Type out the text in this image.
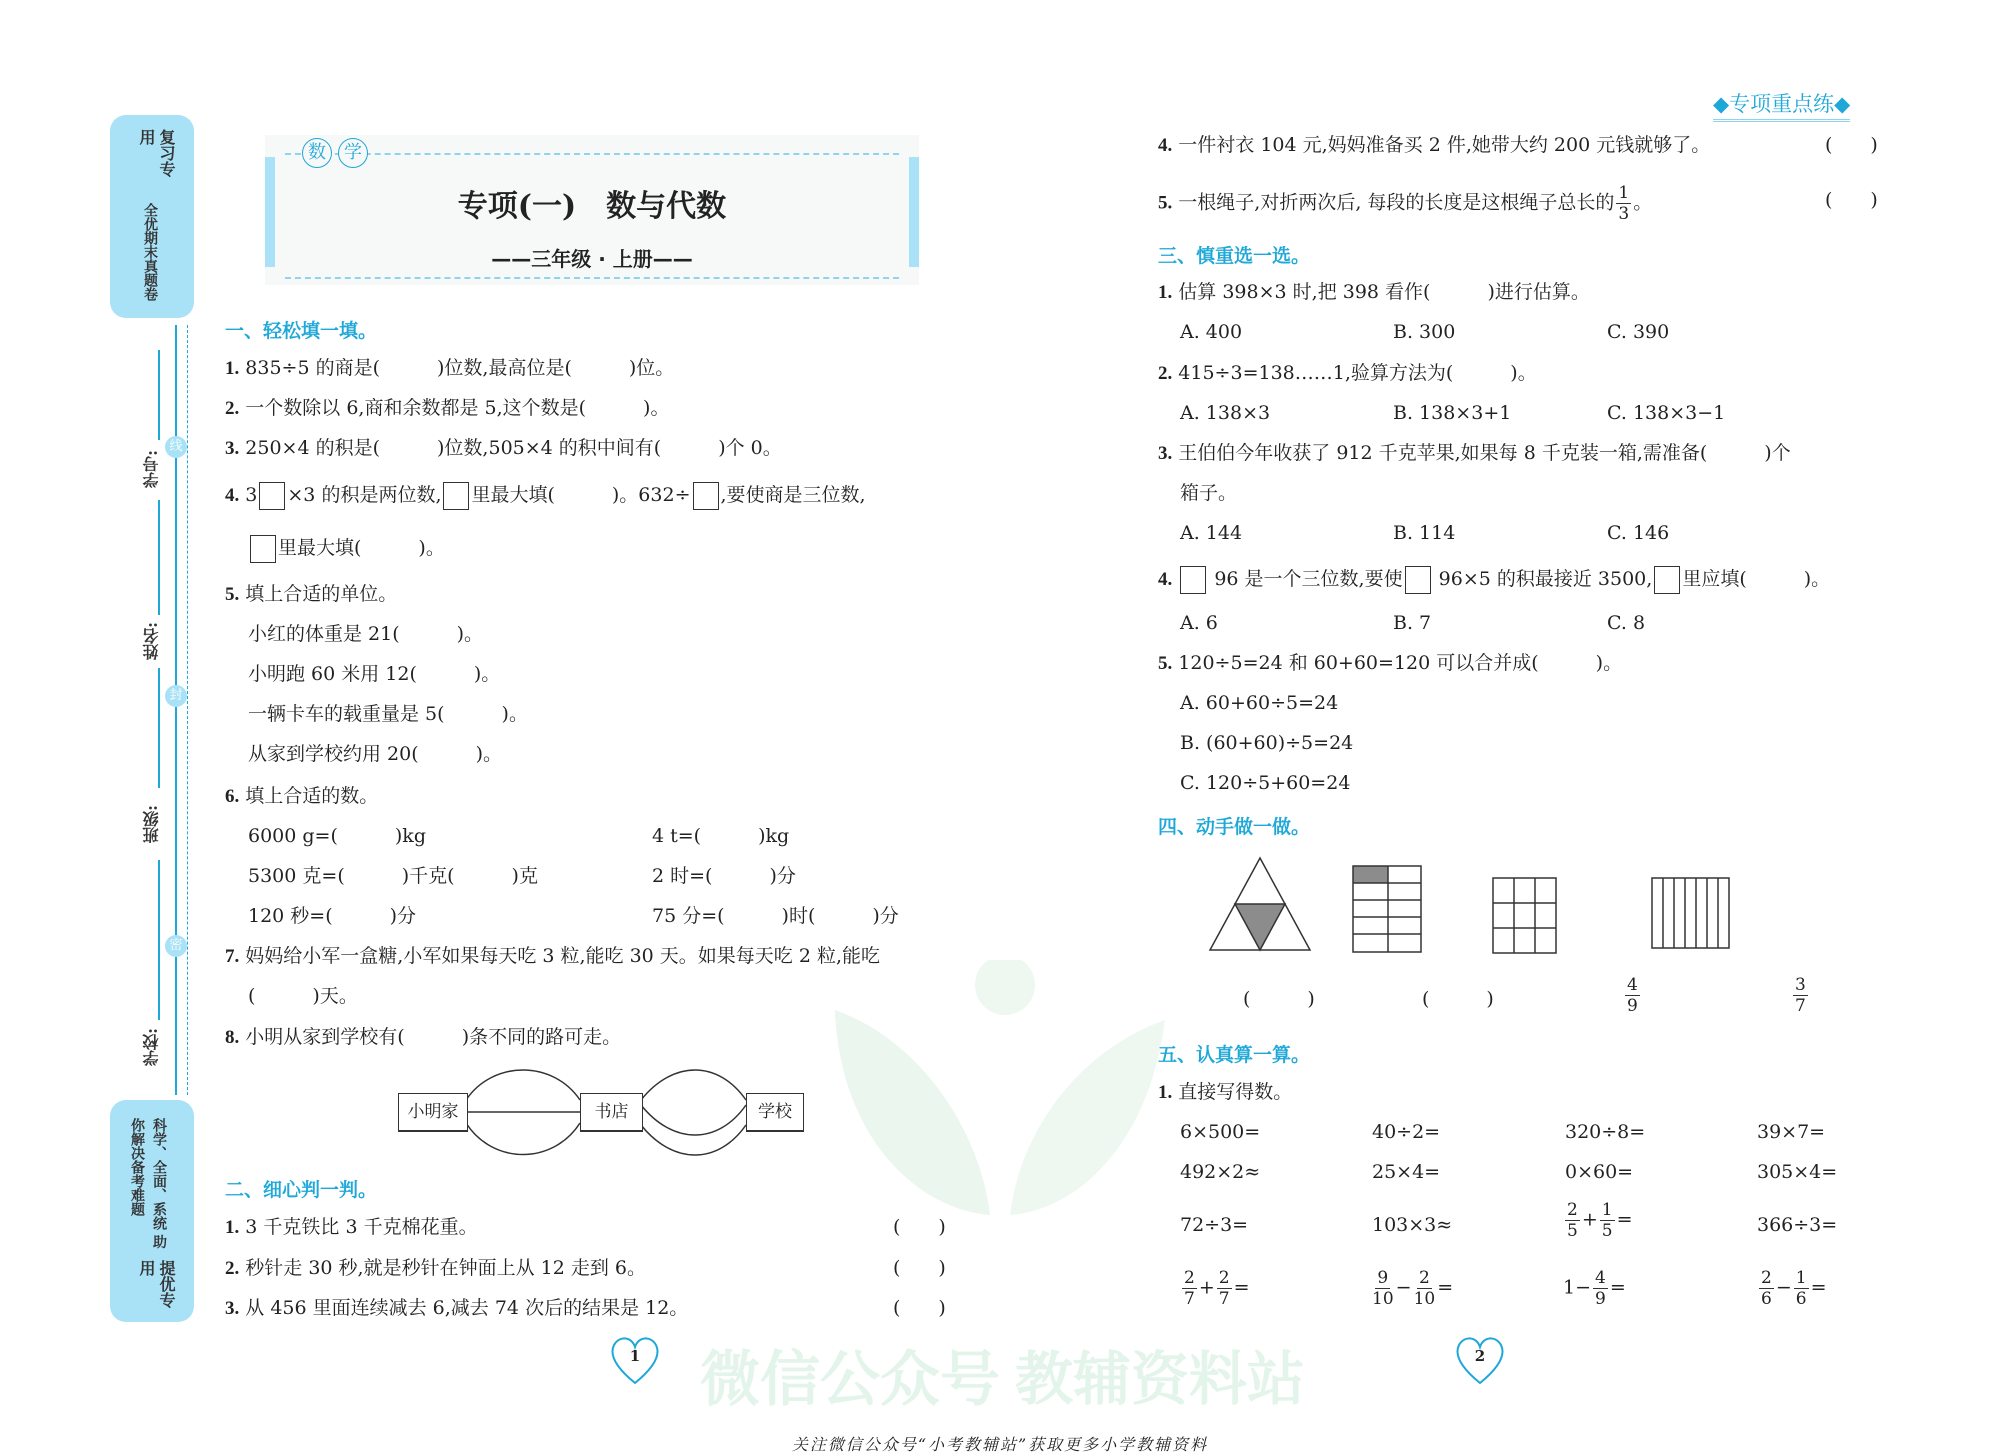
微信公众号 教辅资料站
全优期末真题卷
复习专用
科学、全面、系统 助你解决备考难题
提优专用
线
封
密
学号:
姓名:
班级:
学校:
数	学
专项(一)　数与代数
——三年级 · 上册——
◆专项重点练◆
一、轻松填一填。
1. 835÷5 的商是(　　　)位数,最高位是(　　　)位。
2. 一个数除以 6,商和余数都是 5,这个数是(　　　)。
3. 250×4 的积是(　　　)位数,505×4 的积中间有(　　　)个 0。
4. 3 ×3 的积是两位数, 里最大填(　　　)。632÷ ,要使商是三位数,
里最大填(　　　)。
5. 填上合适的单位。
小红的体重是 21(　　　)。
小明跑 60 米用 12(　　　)。
一辆卡车的载重量是 5(　　　)。
从家到学校约用 20(　　　)。
6. 填上合适的数。
6000 g=(　　　)kg	4 t=(　　　)kg
5300 克=(　　　)千克(　　　)克	2 时=(　　　)分
120 秒=(　　　)分	75 分=(　　　)时(　　　)分
7. 妈妈给小军一盒糖,小军如果每天吃 3 粒,能吃 30 天。如果每天吃 2 粒,能吃
(　　　)天。
8. 小明从家到学校有(　　　)条不同的路可走。
小明家	书店	学校
二、细心判一判。
1. 3 千克铁比 3 千克棉花重。
2. 秒针走 30 秒,就是秒针在钟面上从 12 走到 6。
3. 从 456 里面连续减去 6,减去 74 次后的结果是 12。
(　　)
(　　)
(　　)
4. 一件衬衣 104 元,妈妈准备买 2 件,她带大约 200 元钱就够了。	(　　)
5. 一根绳子,对折两次后, 每段的长度是这根绳子总长的 $\frac{1}{3}$ 。	(　　)
三、慎重选一选。
1. 估算 398×3 时,把 398 看作(　　　)进行估算。
A. 400	B. 300	C. 390
2. 415÷3=138……1,验算方法为(　　　)。
A. 138×3	B. 138×3+1	C. 138×3−1
3. 王伯伯今年收获了 912 千克苹果,如果每 8 千克装一箱,需准备(　　　)个
箱子。
A. 144	B. 114	C. 146
4. 96 是一个三位数,要使 96×5 的积最接近 3500, 里应填(　　　)。
A. 6	B. 7	C. 8
5. 120÷5=24 和 60+60=120 可以合并成(　　　)。
A. 60+60÷5=24
B. (60+60)÷5=24
C. 120÷5+60=24
四、动手做一做。
(　　　)	(　　　)	$\frac{4}{9}$	$\frac{3}{7}$
五、认真算一算。
1. 直接写得数。
6×500=	40÷2=	320÷8=	39×7=
492×2≈	25×4=	0×60=	305×4=
72÷3=	103×3≈	$\frac{2}{5} + \frac{1}{5}$ =	366÷3=
$\frac{2}{7} + \frac{2}{7}$ =	$\frac{9}{10} - \frac{2}{10}$ =	$1- \frac{4}{9}$ =	$\frac{2}{6} - \frac{1}{6}$ =
1	2
关注微信公众号“小考教辅站”获取更多小学教辅资料
